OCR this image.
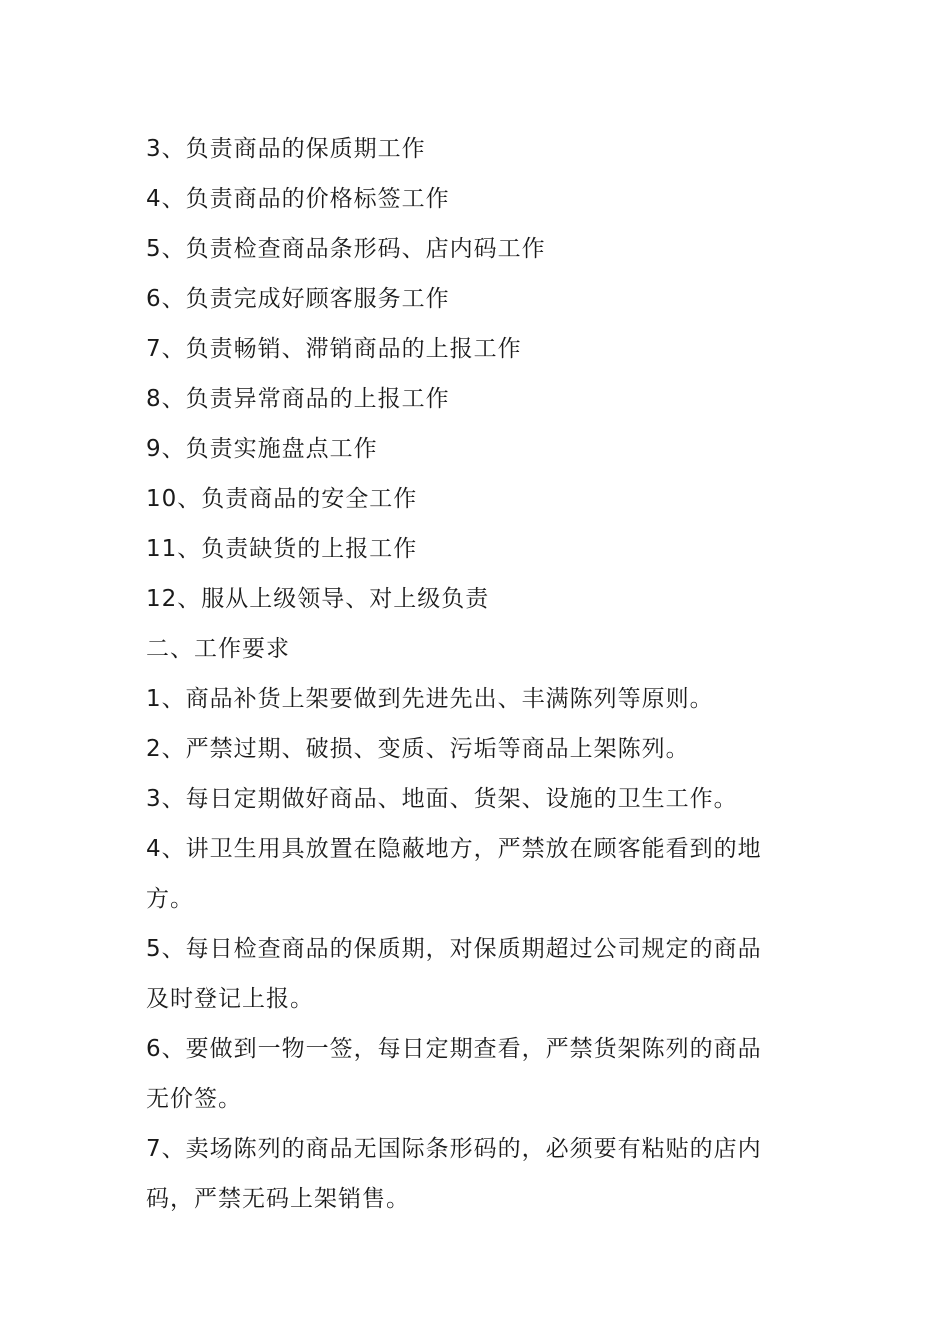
3、负责商品的保质期工作
4、负责商品的价格标签工作
5、负责检查商品条形码、店内码工作
6、负责完成好顾客服务工作
7、负责畅销、滞销商品的上报工作
8、负责异常商品的上报工作
9、负责实施盘点工作
10、负责商品的安全工作
11、负责缺货的上报工作
12、服从上级领导、对上级负责
二、工作要求
1、商品补货上架要做到先进先出、丰满陈列等原则。
2、严禁过期、破损、变质、污垢等商品上架陈列。
3、每日定期做好商品、地面、货架、设施的卫生工作。
4、讲卫生用具放置在隐蔽地方，严禁放在顾客能看到的地
方。
5、每日检查商品的保质期，对保质期超过公司规定的商品
及时登记上报。
6、要做到一物一签，每日定期查看，严禁货架陈列的商品
无价签。
7、卖场陈列的商品无国际条形码的，必须要有粘贴的店内
码，严禁无码上架销售。
